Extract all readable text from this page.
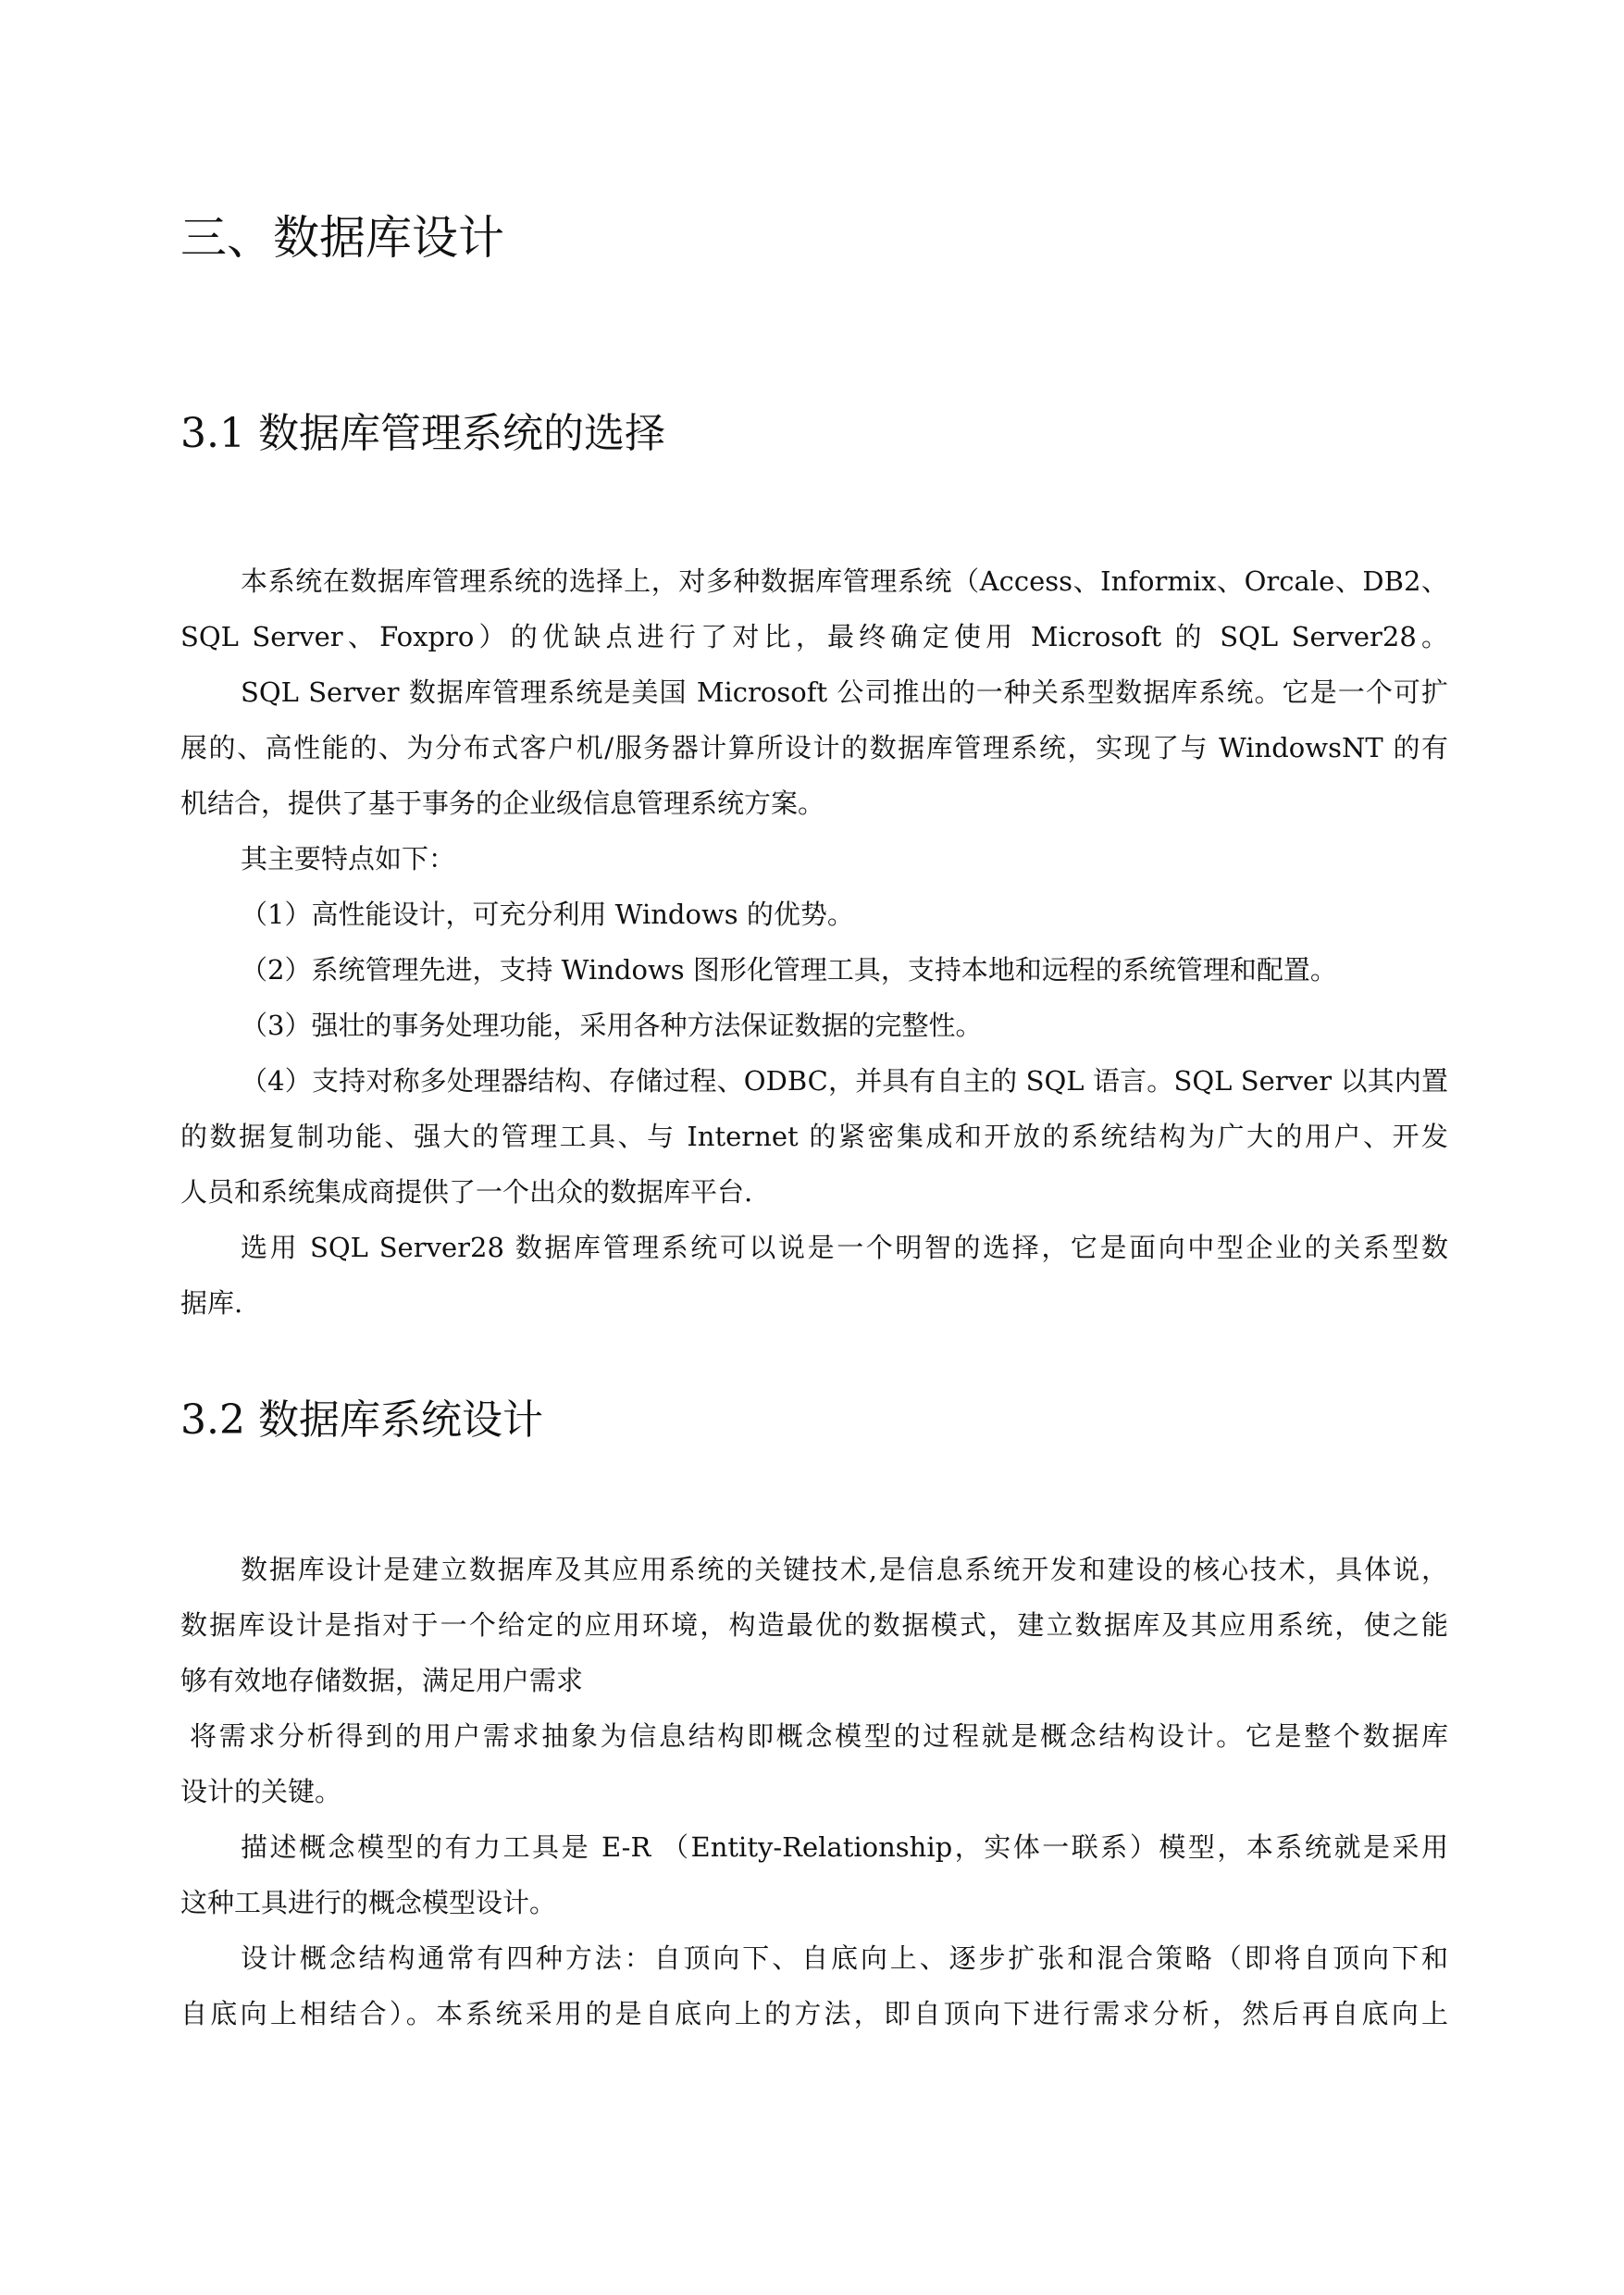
三、数据库设计
3.1 数据库管理系统的选择
本系统在数据库管理系统的选择上，对多种数据库管理系统（Access、Informix、Orcale、DB2、
SQL Server、Foxpro）的优缺点进行了对比，最终确定使用 Microsoft 的 SQL Server28。
SQL Server 数据库管理系统是美国 Microsoft 公司推出的一种关系型数据库系统。它是一个可扩
展的、高性能的、为分布式客户机/服务器计算所设计的数据库管理系统，实现了与 WindowsNT 的有
机结合，提供了基于事务的企业级信息管理系统方案。
其主要特点如下：
（1）高性能设计，可充分利用 Windows 的优势。
（2）系统管理先进，支持 Windows 图形化管理工具，支持本地和远程的系统管理和配置。
（3）强壮的事务处理功能，采用各种方法保证数据的完整性。
（4）支持对称多处理器结构、存储过程、ODBC，并具有自主的 SQL 语言。SQL Server 以其内置
的数据复制功能、强大的管理工具、与 Internet 的紧密集成和开放的系统结构为广大的用户、开发
人员和系统集成商提供了一个出众的数据库平台.
选用 SQL Server28 数据库管理系统可以说是一个明智的选择，它是面向中型企业的关系型数
据库.
3.2 数据库系统设计
数据库设计是建立数据库及其应用系统的关键技术,是信息系统开发和建设的核心技术，具体说，
数据库设计是指对于一个给定的应用环境，构造最优的数据模式，建立数据库及其应用系统，使之能
够有效地存储数据，满足用户需求
将需求分析得到的用户需求抽象为信息结构即概念模型的过程就是概念结构设计。它是整个数据库
设计的关键。
描述概念模型的有力工具是 E-R （Entity-Relationship，实体一联系）模型，本系统就是采用
这种工具进行的概念模型设计。
设计概念结构通常有四种方法：自顶向下、自底向上、逐步扩张和混合策略（即将自顶向下和
自底向上相结合）。本系统采用的是自底向上的方法，即自顶向下进行需求分析，然后再自底向上
